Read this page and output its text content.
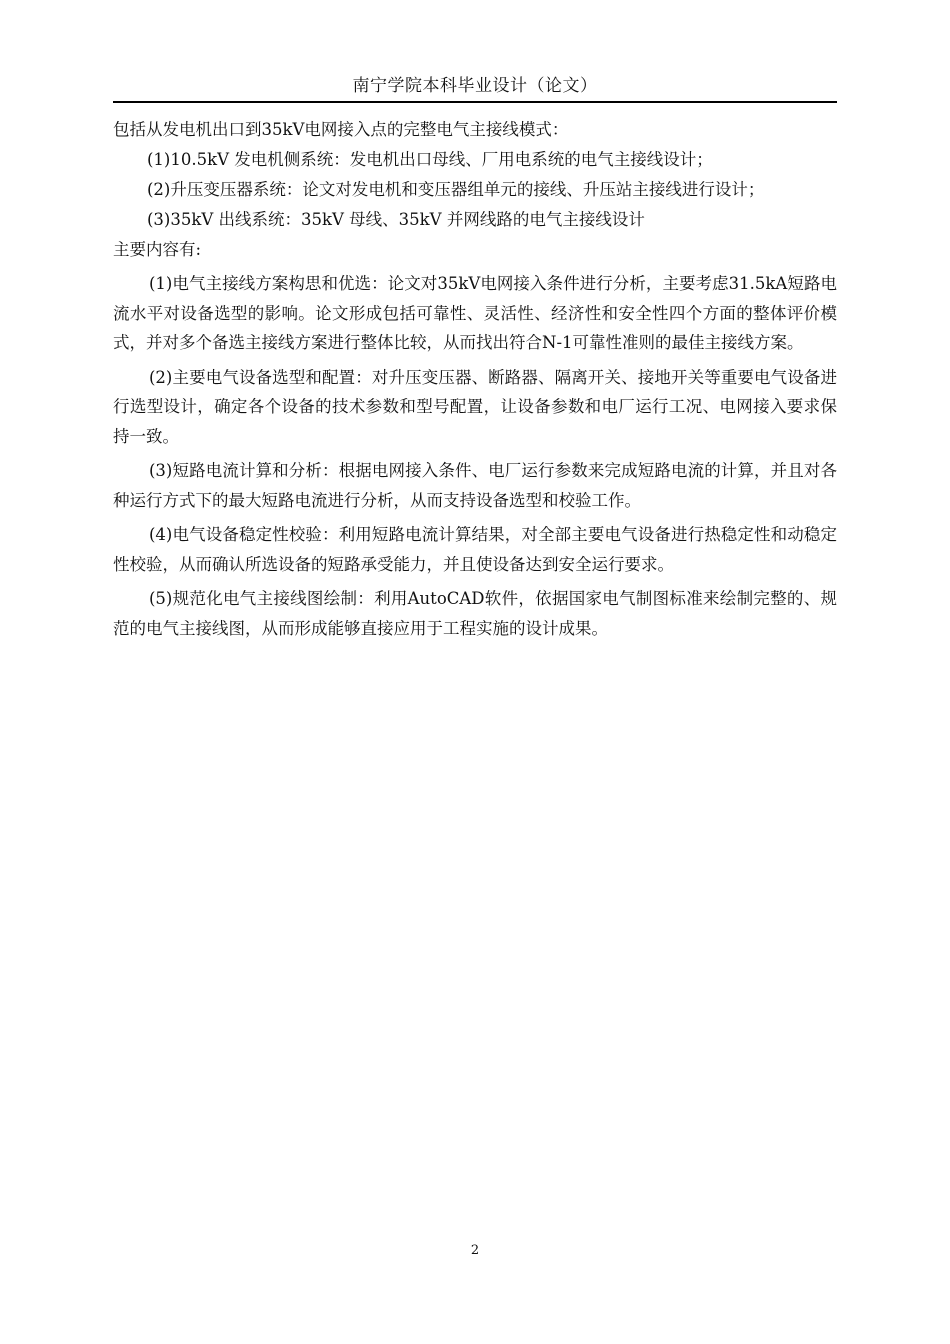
南宁学院本科毕业设计（论文）

包括从发电机出口到35kV电网接入点的完整电气主接线模式：

(1)10.5kV 发电机侧系统：发电机出口母线、厂用电系统的电气主接线设计；

(2)升压变压器系统：论文对发电机和变压器组单元的接线、升压站主接线进行设计；

(3)35kV 出线系统：35kV 母线、35kV 并网线路的电气主接线设计

主要内容有:

(1)电气主接线方案构思和优选：论文对35kV电网接入条件进行分析，主要考虑31.5kA短路电流水平对设备选型的影响。论文形成包括可靠性、灵活性、经济性和安全性四个方面的整体评价模式，并对多个备选主接线方案进行整体比较，从而找出符合N-1可靠性准则的最佳主接线方案。

(2)主要电气设备选型和配置：对升压变压器、断路器、隔离开关、接地开关等重要电气设备进行选型设计，确定各个设备的技术参数和型号配置，让设备参数和电厂运行工况、电网接入要求保持一致。

(3)短路电流计算和分析：根据电网接入条件、电厂运行参数来完成短路电流的计算，并且对各种运行方式下的最大短路电流进行分析，从而支持设备选型和校验工作。

(4)电气设备稳定性校验：利用短路电流计算结果，对全部主要电气设备进行热稳定性和动稳定性校验，从而确认所选设备的短路承受能力，并且使设备达到安全运行要求。

(5)规范化电气主接线图绘制：利用AutoCAD软件，依据国家电气制图标准来绘制完整的、规范的电气主接线图，从而形成能够直接应用于工程实施的设计成果。

2
